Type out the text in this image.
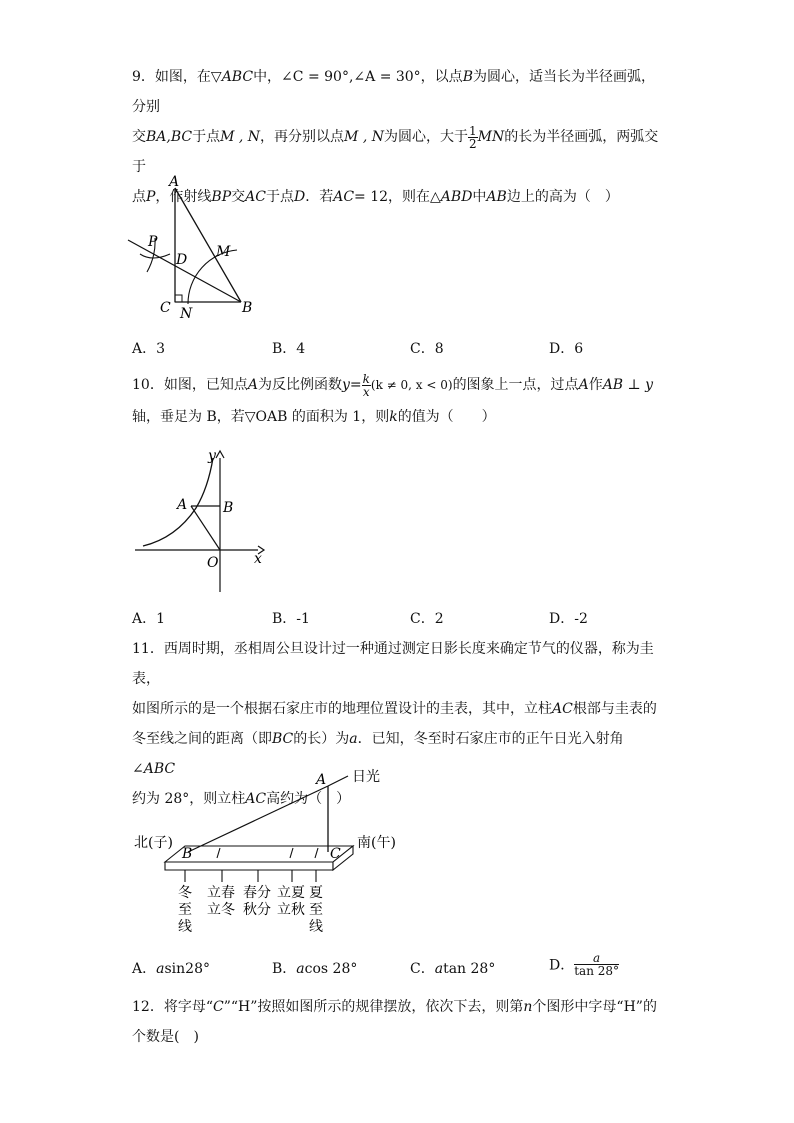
9．如图，在▽ABC中，∠C = 90°,∠A = 30°，以点B为圆心，适当长为半径画弧，分别

交BA,BC于点M , N，再分别以点M , N为圆心，大于 $\frac{1}{2}$ MN的长为半径画弧，两弧交于

点P，作射线BP交AC于点D．若AC= 12，则在△ABD中AB边上的高为（　）

A
P
D M
C N	B
A．3	B．4	C．8	D．6

10．如图，已知点A为反比例函数$y= \frac{k}{x} (k \ne 0$, x < 0)的图象上一点，过点A作AB ⊥ y

轴，垂足为 B，若▽OAB 的面积为 1，则k的值为（　　）

y
A	B
O	x
A．1	B．-1	C．2	D．-2

11．西周时期，丞相周公旦设计过一种通过测定日影长度来确定节气的仪器，称为圭表，

如图所示的是一个根据石家庄市的地理位置设计的圭表，其中，立柱AC根部与圭表的

冬至线之间的距离（即BC的长）为a．已知，冬至时石家庄市的正午日光入射角∠ABC

约为 28°，则立柱AC高约为（　）

A 日光
北(子)	南(午)
B	C
冬
至
线
立春
立冬
春分
秋分
立夏
立秋
夏
至
线
A．asin28°	B．acos 28°	C．atan 28°	D． $\frac{a}{\tan 28^\circ}$

12．将字母“C”“H”按照如图所示的规律摆放，依次下去，则第n个图形中字母“H”的

个数是(　)
